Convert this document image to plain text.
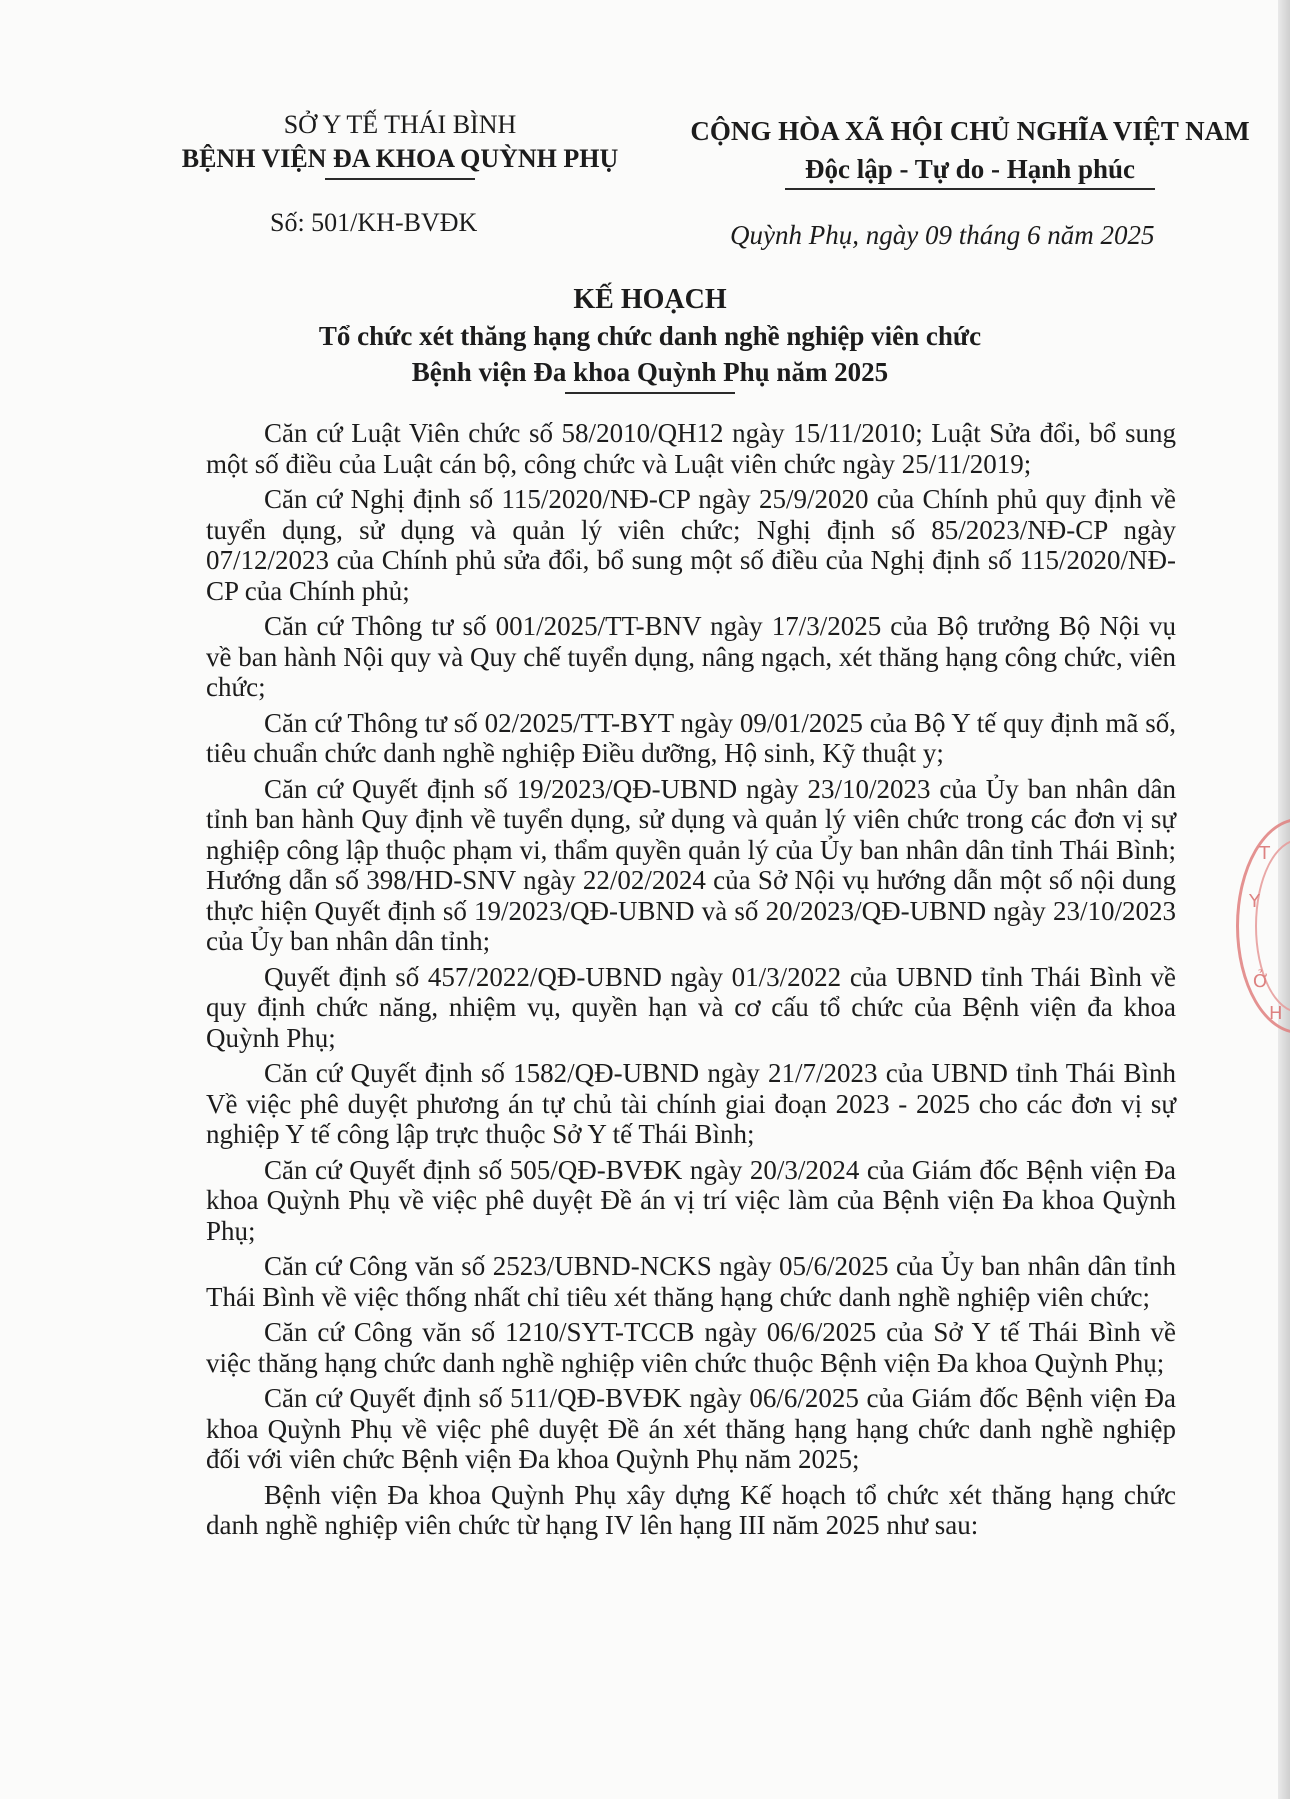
SỞ Y TẾ THÁI BÌNH
BỆNH VIỆN ĐA KHOA QUỲNH PHỤ
Số: 501/KH-BVĐK
CỘNG HÒA XÃ HỘI CHỦ NGHĨA VIỆT NAM
Độc lập - Tự do - Hạnh phúc
Quỳnh Phụ, ngày 09 tháng 6 năm 2025
KẾ HOẠCH
Tổ chức xét thăng hạng chức danh nghề nghiệp viên chức
Bệnh viện Đa khoa Quỳnh Phụ năm 2025

Căn cứ Luật Viên chức số 58/2010/QH12 ngày 15/11/2010; Luật Sửa đổi, bổ sung một số điều của Luật cán bộ, công chức và Luật viên chức ngày 25/11/2019;

Căn cứ Nghị định số 115/2020/NĐ-CP ngày 25/9/2020 của Chính phủ quy định về tuyển dụng, sử dụng và quản lý viên chức; Nghị định số 85/2023/NĐ-CP ngày 07/12/2023 của Chính phủ sửa đổi, bổ sung một số điều của Nghị định số 115/2020/NĐ-CP của Chính phủ;

Căn cứ Thông tư số 001/2025/TT-BNV ngày 17/3/2025 của Bộ trưởng Bộ Nội vụ về ban hành Nội quy và Quy chế tuyển dụng, nâng ngạch, xét thăng hạng công chức, viên chức;

Căn cứ Thông tư số 02/2025/TT-BYT ngày 09/01/2025 của Bộ Y tế quy định mã số, tiêu chuẩn chức danh nghề nghiệp Điều dưỡng, Hộ sinh, Kỹ thuật y;

Căn cứ Quyết định số 19/2023/QĐ-UBND ngày 23/10/2023 của Ủy ban nhân dân tỉnh ban hành Quy định về tuyển dụng, sử dụng và quản lý viên chức trong các đơn vị sự nghiệp công lập thuộc phạm vi, thẩm quyền quản lý của Ủy ban nhân dân tỉnh Thái Bình; Hướng dẫn số 398/HD-SNV ngày 22/02/2024 của Sở Nội vụ hướng dẫn một số nội dung thực hiện Quyết định số 19/2023/QĐ-UBND và số 20/2023/QĐ-UBND ngày 23/10/2023 của Ủy ban nhân dân tỉnh;

Quyết định số 457/2022/QĐ-UBND ngày 01/3/2022 của UBND tỉnh Thái Bình về quy định chức năng, nhiệm vụ, quyền hạn và cơ cấu tổ chức của Bệnh viện đa khoa Quỳnh Phụ;

Căn cứ Quyết định số 1582/QĐ-UBND ngày 21/7/2023 của UBND tỉnh Thái Bình Về việc phê duyệt phương án tự chủ tài chính giai đoạn 2023 - 2025 cho các đơn vị sự nghiệp Y tế công lập trực thuộc Sở Y tế Thái Bình;

Căn cứ Quyết định số 505/QĐ-BVĐK ngày 20/3/2024 của Giám đốc Bệnh viện Đa khoa Quỳnh Phụ về việc phê duyệt Đề án vị trí việc làm của Bệnh viện Đa khoa Quỳnh Phụ;

Căn cứ Công văn số 2523/UBND-NCKS ngày 05/6/2025 của Ủy ban nhân dân tỉnh Thái Bình về việc thống nhất chỉ tiêu xét thăng hạng chức danh nghề nghiệp viên chức;

Căn cứ Công văn số 1210/SYT-TCCB ngày 06/6/2025 của Sở Y tế Thái Bình về việc thăng hạng chức danh nghề nghiệp viên chức thuộc Bệnh viện Đa khoa Quỳnh Phụ;

Căn cứ Quyết định số 511/QĐ-BVĐK ngày 06/6/2025 của Giám đốc Bệnh viện Đa khoa Quỳnh Phụ về việc phê duyệt Đề án xét thăng hạng hạng chức danh nghề nghiệp đối với viên chức Bệnh viện Đa khoa Quỳnh Phụ năm 2025;

Bệnh viện Đa khoa Quỳnh Phụ xây dựng Kế hoạch tổ chức xét thăng hạng chức danh nghề nghiệp viên chức từ hạng IV lên hạng III năm 2025 như sau:

Y
T
Ở
H
